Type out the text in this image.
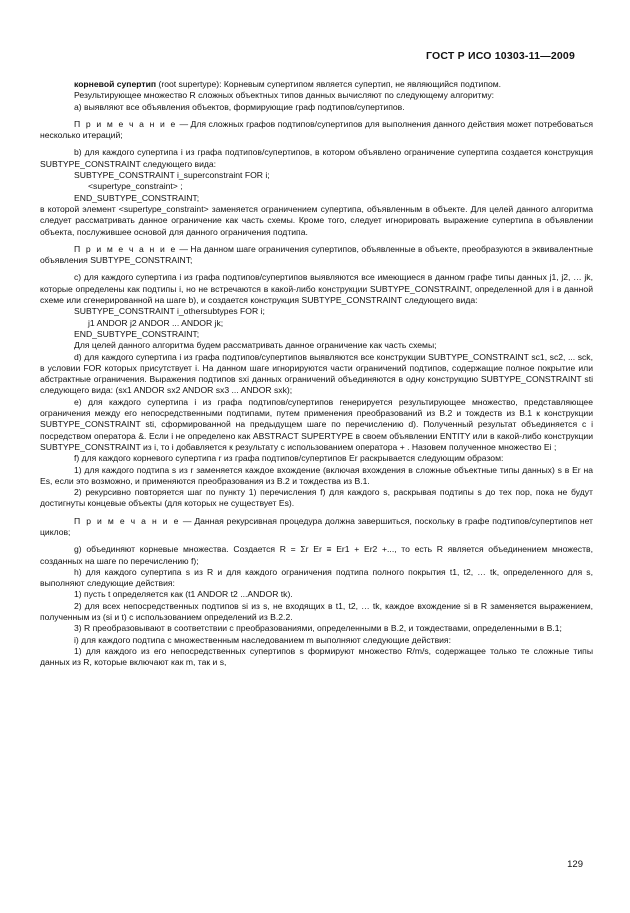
ГОСТ Р ИСО 10303-11—2009

корневой супертип (root supertype): Корневым супертипом является супертип, не являющийся подтипом.

Результирующее множество R сложных объектных типов данных вычисляют по следующему алгоритму:

а) выявляют все объявления объектов, формирующие граф подтипов/супертипов.

П р и м е ч а н и е — Для сложных графов подтипов/супертипов для выполнения данного действия может потребоваться несколько итераций;

b) для каждого супертипа i из графа подтипов/супертипов, в котором объявлено ограничение супертипа создается конструкция SUBTYPE_CONSTRAINT следующего вида:

SUBTYPE_CONSTRAINT i_superconstraint FOR i;

<supertype_constraint> ;

END_SUBTYPE_CONSTRAINT;

в которой элемент <supertype_constraint> заменяется ограничением супертипа, объявленным в объекте. Для целей данного алгоритма следует рассматривать данное ограничение как часть схемы. Кроме того, следует игнорировать выражение супертипа в объявлении объекта, послужившее основой для данного ограничения подтипа.

П р и м е ч а н и е — На данном шаге ограничения супертипов, объявленные в объекте, преобразуются в эквивалентные объявления SUBTYPE_CONSTRAINT;

с) для каждого супертипа i из графа подтипов/супертипов выявляются все имеющиеся в данном графе типы данных j1, j2, … jk, которые определены как подтипы i, но не встречаются в какой-либо конструкции SUBTYPE_CONSTRAINT, определенной для i в данной схеме или сгенерированной на шаге b), и создается конструкция SUBTYPE_CONSTRAINT следующего вида:

SUBTYPE_CONSTRAINT i_othersubtypes FOR i;

j1 ANDOR j2 ANDOR ... ANDOR jk;

END_SUBTYPE_CONSTRAINT;

Для целей данного алгоритма будем рассматривать данное ограничение как часть схемы;

d) для каждого супертипа i из графа подтипов/супертипов выявляются все конструкции SUBTYPE_CONSTRAINT sc1, sc2, ... sck, в условии FOR которых присутствует i. На данном шаге игнорируются части ограничений подтипов, содержащие полное покрытие или абстрактные ограничения. Выражения подтипов sxi данных ограничений объединяются в одну конструкцию SUBTYPE_CONSTRAINT sti следующего вида: (sx1 ANDOR sx2 ANDOR sx3 ... ANDOR sxk);

е) для каждого супертипа i из графа подтипов/супертипов генерируется результирующее множество, представляющее ограничения между его непосредственными подтипами, путем применения преобразований из В.2 и тождеств из В.1 к конструкции SUBTYPE_CONSTRAINT sti, сформированной на предыдущем шаге по перечислению d). Полученный результат объединяется с i посредством оператора &. Если i не определено как ABSTRACT SUPERTYPE в своем объявлении ENTITY или в какой-либо конструкции SUBTYPE_CONSTRAINT из i, то i добавляется к результату с использованием оператора + . Назовем полученное множество Ei ;

f) для каждого корневого супертипа r из графа подтипов/супертипов Er раскрывается следующим образом:

1) для каждого подтипа s из r заменяется каждое вхождение (включая вхождения в сложные объектные типы данных) s в Er на Es, если это возможно, и применяются преобразования из В.2 и тождества из В.1.

2) рекурсивно повторяется шаг по пункту 1) перечисления f) для каждого s, раскрывая подтипы s до тех пор, пока не будут достигнуты концевые объекты (для которых не существует Es).

П р и м е ч а н и е — Данная рекурсивная процедура должна завершиться, поскольку в графе подтипов/супертипов нет циклов;

g) объединяют корневые множества. Создается R = Σr Er ≡ Er1 + Er2 +..., то есть R является объединением множеств, созданных на шаге по перечислению f);

h) для каждого супертипа s из R и для каждого ограничения подтипа полного покрытия t1, t2, … tk, определенного для s, выполняют следующие действия:

1) пусть t определяется как (t1 ANDOR t2 ...ANDOR tk).

2) для всех непосредственных подтипов si из s, не входящих в t1, t2, … tk, каждое вхождение si в R заменяется выражением, полученным из (si и t) с использованием определений из В.2.2.

3) R преобразовывают в соответствии с преобразованиями, определенными в В.2, и тождествами, определенными в В.1;

i) для каждого подтипа с множественным наследованием m выполняют следующие действия:

1) для каждого из его непосредственных супертипов s формируют множество R/m/s, содержащее только те сложные типы данных из R, которые включают как m, так и s,

129
